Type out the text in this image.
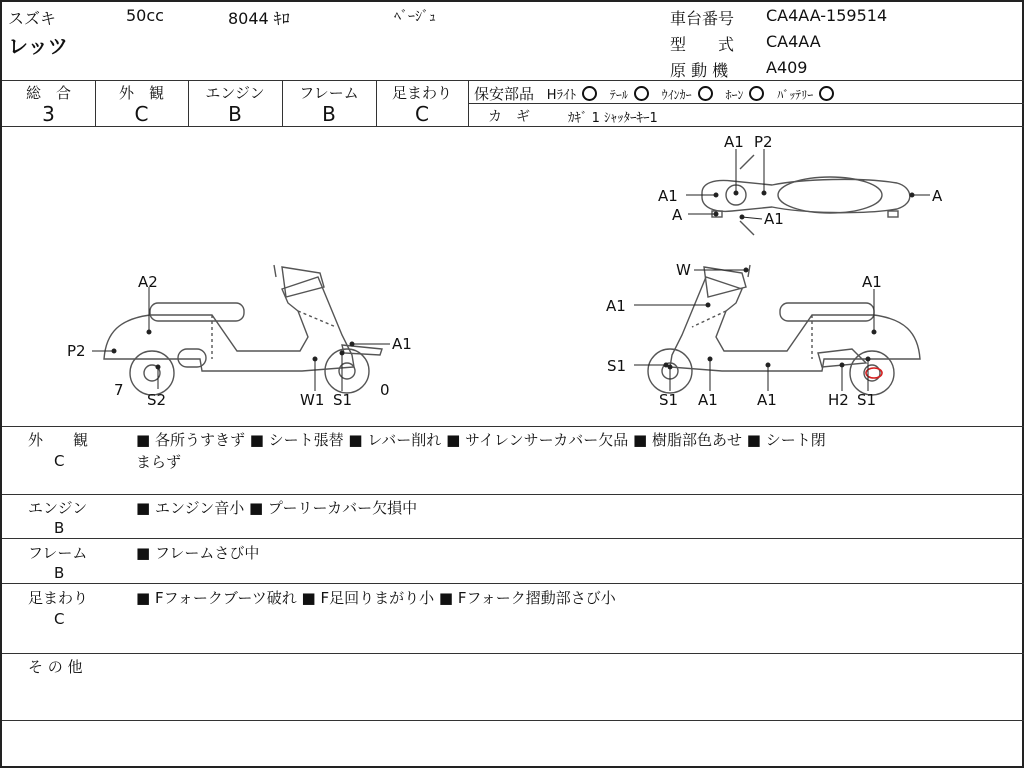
スズキ
レッツ
50cc	8044 ｷﾛ	ﾍﾞｰｼﾞｭ	車台番号 CA4AA-159514
型　　式 CA4AA
原 動 機 A409
総　合
3
外　観
C
エンジン
B
フレーム
B
足まわり
C
保安部品 Hﾗｲﾄ	ﾃｰﾙ	ｳｲﾝｶｰ	ﾎｰﾝ	ﾊﾞｯﾃﾘｰ
カ　ギ	ｶｷﾞ 1 ｼｬｯﾀｰｷｰ1
A2
P2
7
S2	W1 S1
0
A1
A1 P2
A1
A	A1
A
W
A1
A1
S1
S1 A1	A1	H2 S1
外　　観
C
■ 各所うすきず ■ シート張替 ■ レバー削れ ■ サイレンサーカバー欠品 ■ 樹脂部色あせ ■ シート閉
まらず
エンジン
B
■ エンジン音小 ■ プーリーカバー欠損中
フレーム
B
■ フレームさび中
足まわり
C
■ Fフォークブーツ破れ ■ F足回りまがり小 ■ Fフォーク摺動部さび小
そ の 他
